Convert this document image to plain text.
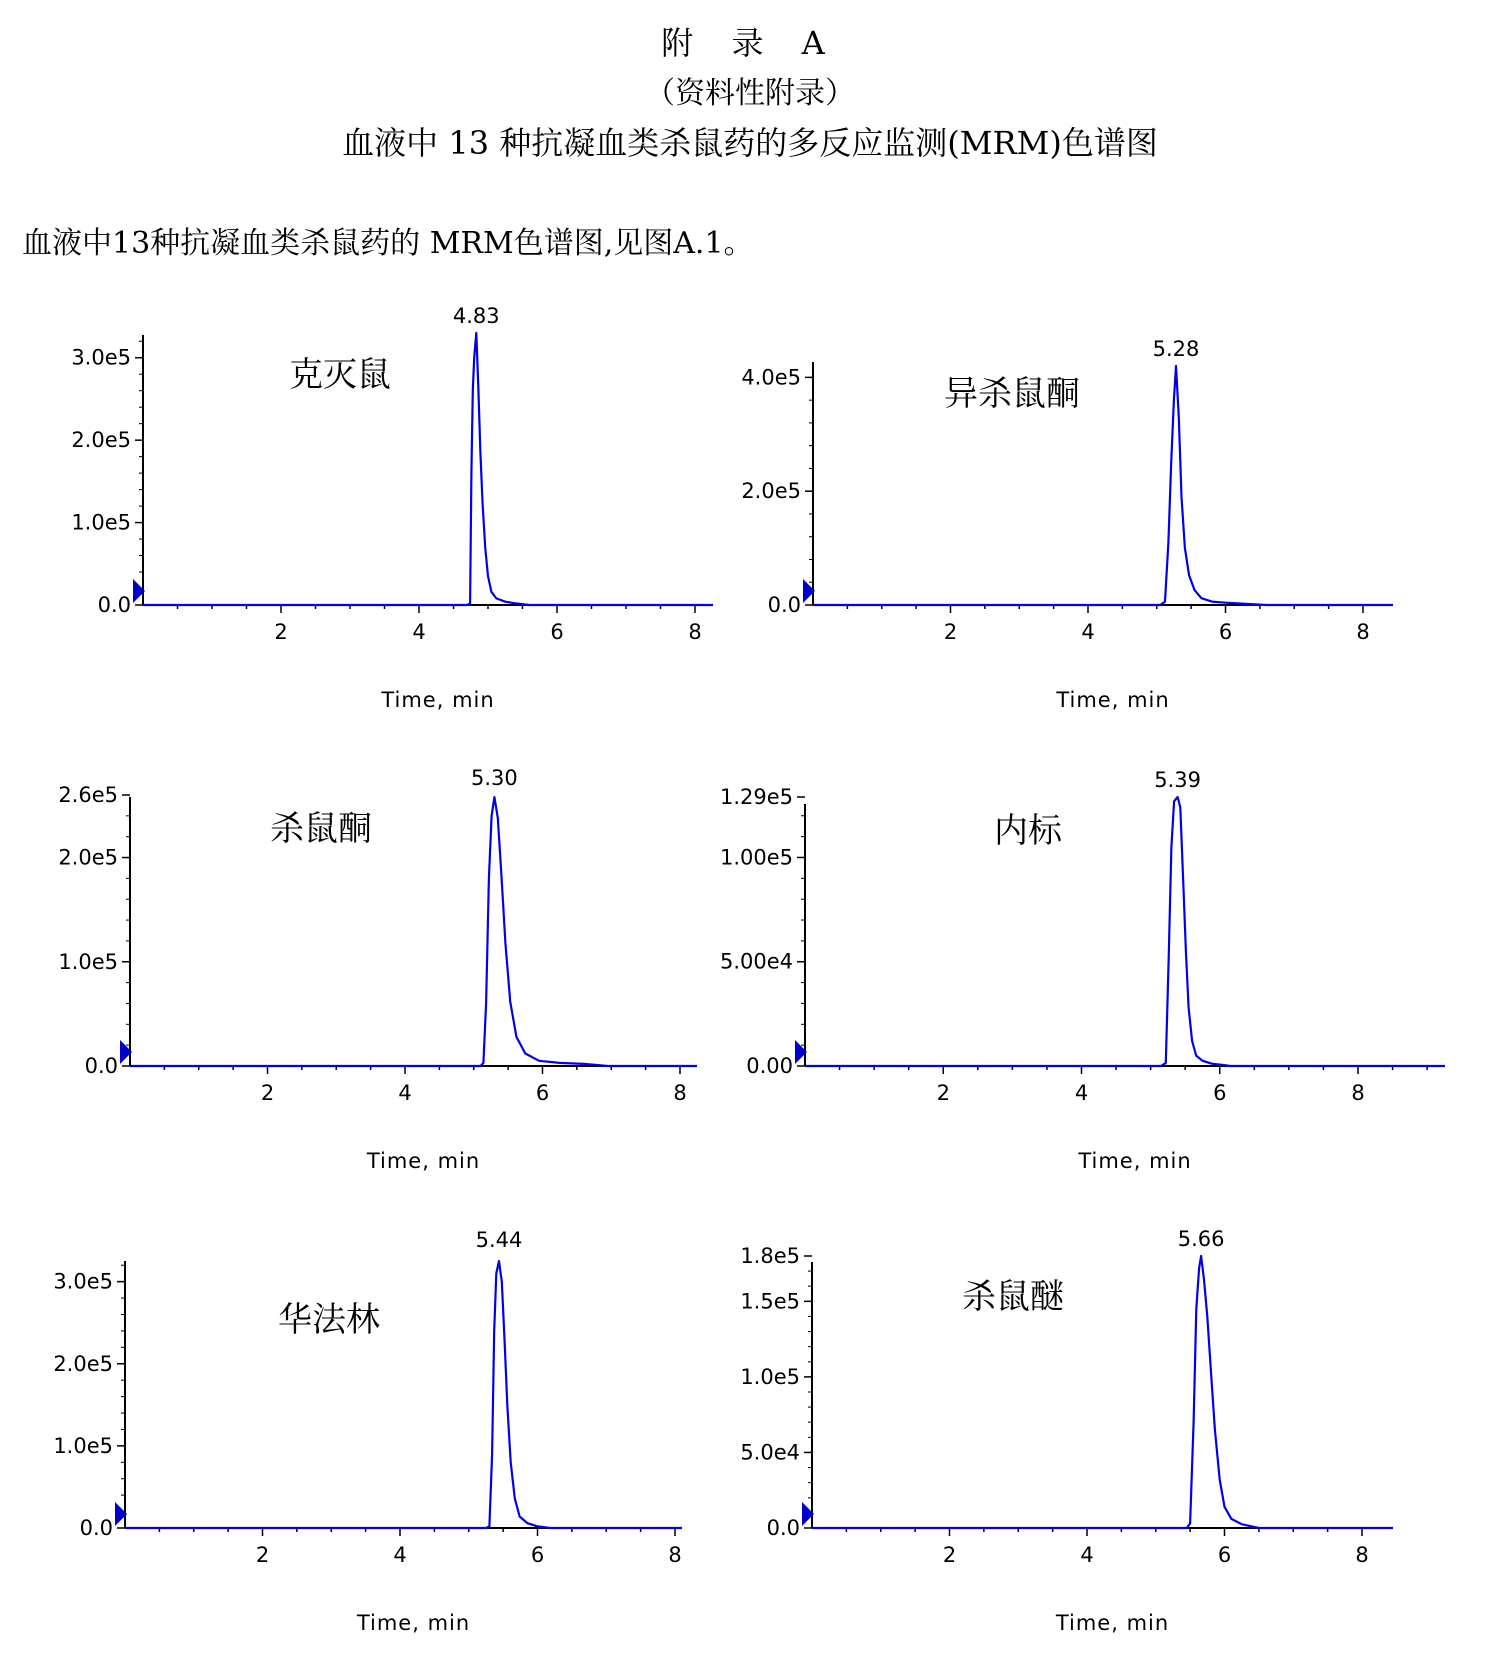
附 录 A
（资料性附录）
血液中 13 种抗凝血类杀鼠药的多反应监测(MRM)色谱图
血液中13种抗凝血类杀鼠药的 MRM色谱图,见图A.1。
2	4	6	8
0.0
1.0e5
2.0e5
3.0e5
4.83
克灭鼠
Time, min
2	4	6	8
0.0
2.0e5
4.0e5
5.28
异杀鼠酮
Time, min
2	4	6	8
0.0
1.0e5
2.0e5
2.6e5
5.30
杀鼠酮
Time, min
2	4	6	8
0.00
5.00e4
1.00e5
1.29e5
5.39
内标
Time, min
2	4	6	8
0.0
1.0e5
2.0e5
3.0e5
5.44
华法林
Time, min
2	4	6	8
0.0
5.0e4
1.0e5
1.5e5
1.8e5
5.66
杀鼠醚
Time, min
